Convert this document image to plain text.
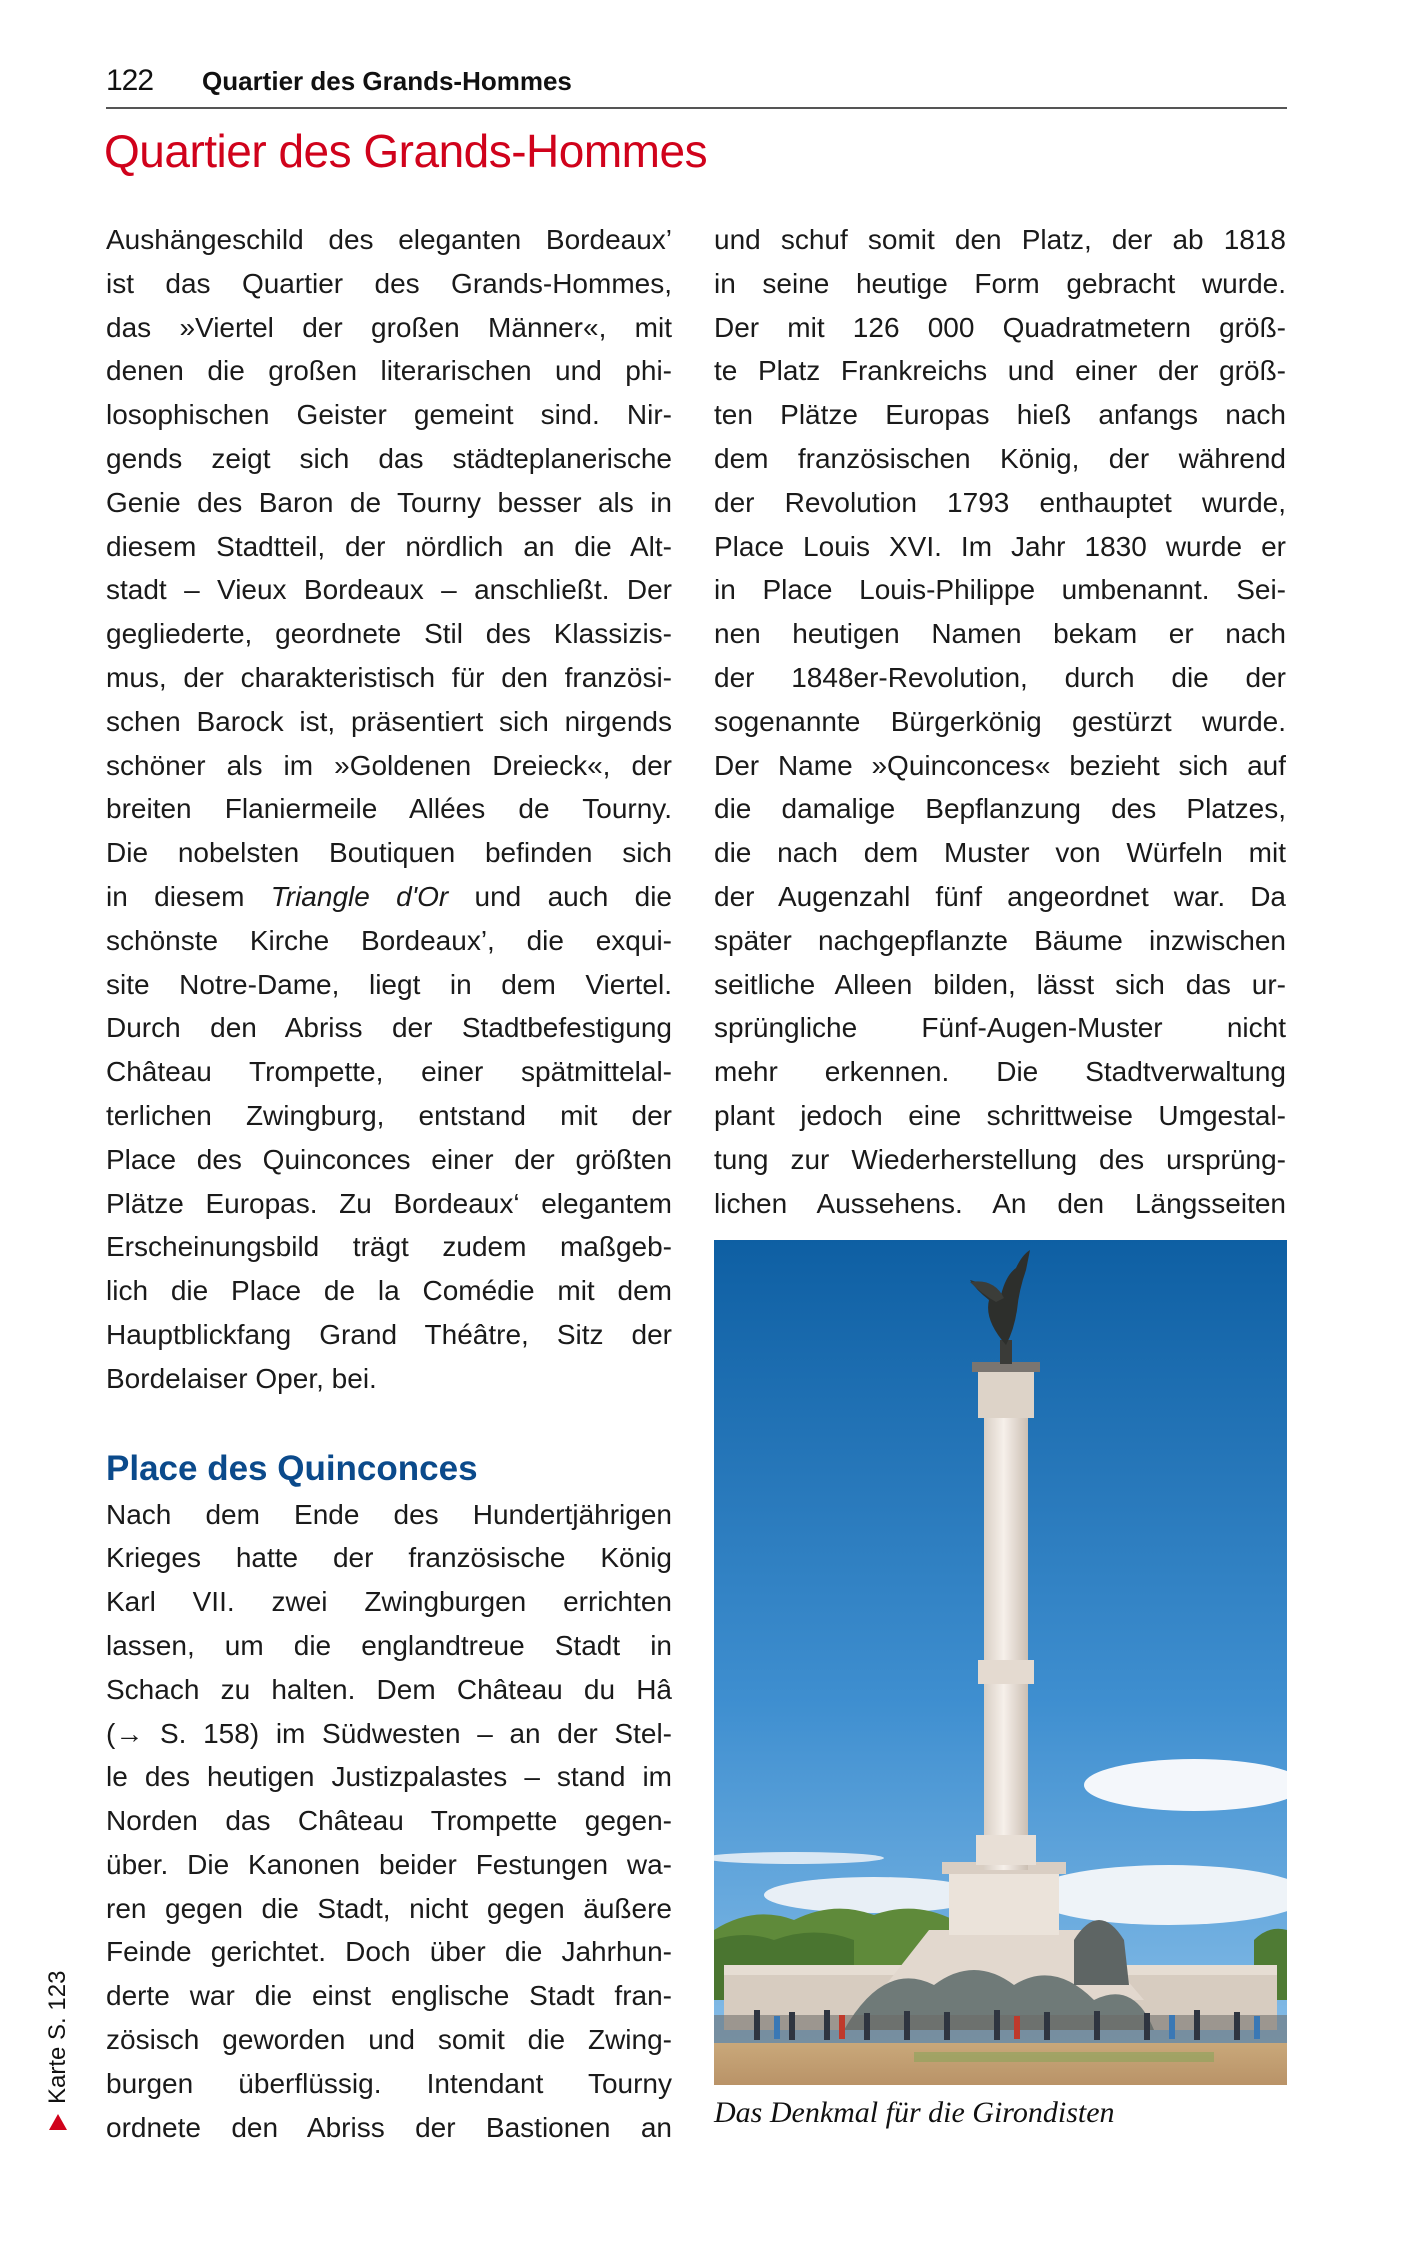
122 Quartier des Grands-Hommes
Quartier des Grands-Hommes
Aushängeschild des eleganten Bordeaux’
ist das Quartier des Grands-Hommes,
das »Viertel der großen Männer«, mit
denen die großen literarischen und phi-
losophischen Geister gemeint sind. Nir-
gends zeigt sich das städteplanerische
Genie des Baron de Tourny besser als in
diesem Stadtteil, der nördlich an die Alt-
stadt – Vieux Bordeaux – anschließt. Der
gegliederte, geordnete Stil des Klassizis-
mus, der charakteristisch für den französi-
schen Barock ist, präsentiert sich nirgends
schöner als im »Goldenen Dreieck«, der
breiten Flaniermeile Allées de Tourny.
Die nobelsten Boutiquen befinden sich
in diesem Triangle d'Or und auch die
schönste Kirche Bordeaux’, die exqui-
site Notre-Dame, liegt in dem Viertel.
Durch den Abriss der Stadtbefestigung
Château Trompette, einer spätmittelal-
terlichen Zwingburg, entstand mit der
Place des Quinconces einer der größten
Plätze Europas. Zu Bordeaux‘ elegantem
Erscheinungsbild trägt zudem maßgeb-
lich die Place de la Comédie mit dem
Hauptblickfang Grand Théâtre, Sitz der
Bordelaiser Oper, bei.
Place des Quinconces
Nach dem Ende des Hundertjährigen
Krieges hatte der französische König
Karl VII. zwei Zwingburgen errichten
lassen, um die englandtreue Stadt in
Schach zu halten. Dem Château du Hâ
(→ S. 158) im Südwesten – an der Stel-
le des heutigen Justizpalastes – stand im
Norden das Château Trompette gegen-
über. Die Kanonen beider Festungen wa-
ren gegen die Stadt, nicht gegen äußere
Feinde gerichtet. Doch über die Jahrhun-
derte war die einst englische Stadt fran-
zösisch geworden und somit die Zwing-
burgen überflüssig. Intendant Tourny
ordnete den Abriss der Bastionen an
und schuf somit den Platz, der ab 1818
in seine heutige Form gebracht wurde.
Der mit 126 000 Quadratmetern größ-
te Platz Frankreichs und einer der größ-
ten Plätze Europas hieß anfangs nach
dem französischen König, der während
der Revolution 1793 enthauptet wurde,
Place Louis XVI. Im Jahr 1830 wurde er
in Place Louis-Philippe umbenannt. Sei-
nen heutigen Namen bekam er nach
der 1848er-Revolution, durch die der
sogenannte Bürgerkönig gestürzt wurde.
Der Name »Quinconces« bezieht sich auf
die damalige Bepflanzung des Platzes,
die nach dem Muster von Würfeln mit
der Augenzahl fünf angeordnet war. Da
später nachgepflanzte Bäume inzwischen
seitliche Alleen bilden, lässt sich das ur-
sprüngliche Fünf-Augen-Muster nicht
mehr erkennen. Die Stadtverwaltung
plant jedoch eine schrittweise Umgestal-
tung zur Wiederherstellung des ursprüng-
lichen Aussehens. An den Längsseiten
Das Denkmal für die Girondisten
Karte S. 123
